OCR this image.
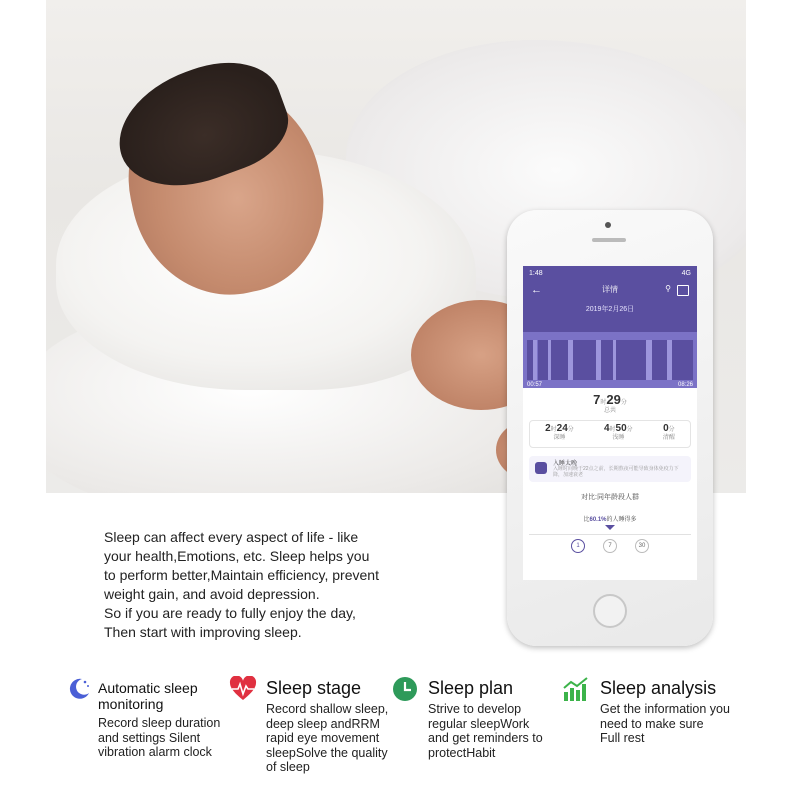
1:48	4G
←	详情
2019年2月26日
⚲
00:57	08:26
7时29分
总共
2时24分
深睡
4时50分
浅睡
0分
清醒
入睡太晚
入睡时间晚于22点之前，长期熬夜可能导致身体免疫力下降，加速衰老
对比:同年龄段人群
比60.1%的人睡得多
1	7	30
Sleep can affect every aspect of life - like
your health,Emotions, etc. Sleep helps you
to perform better,Maintain efficiency, prevent
weight gain, and avoid depression.
So if you are ready to fully enjoy the day,
Then start with improving sleep.
Automatic sleep
monitoring
Record sleep duration
and settings Silent
vibration alarm clock
Sleep stage
Record shallow sleep,
deep sleep andRRM
rapid eye movement
sleepSolve the quality
of sleep
Sleep plan
Strive to develop
regular sleepWork
and get reminders to
protectHabit
Sleep analysis
Get the information you
need to make sure
Full rest
